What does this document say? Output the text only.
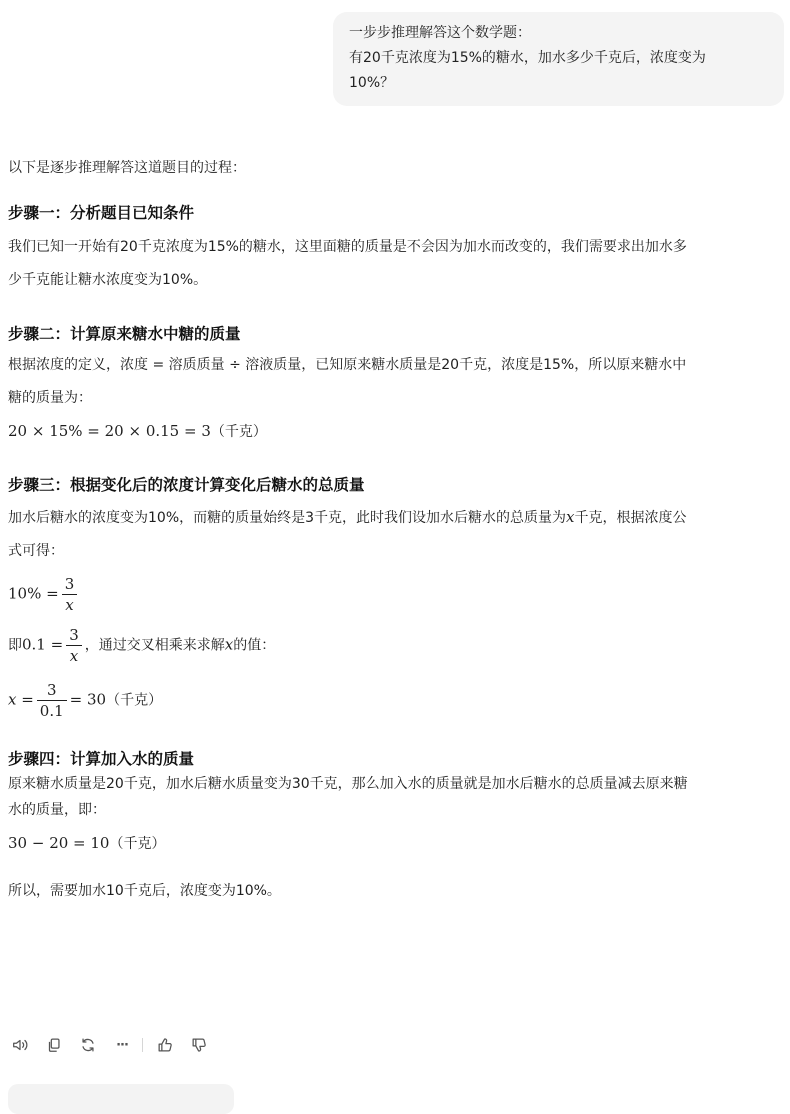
一步步推理解答这个数学题：
有20千克浓度为15%的糖水，加水多少千克后，浓度变为
10%？

以下是逐步推理解答这道题目的过程：

步骤一：分析题目已知条件

我们已知一开始有20千克浓度为15%的糖水，这里面糖的质量是不会因为加水而改变的，我们需要求出加水多

少千克能让糖水浓度变为10%。

步骤二：计算原来糖水中糖的质量

根据浓度的定义，浓度 = 溶质质量 ÷ 溶液质量，已知原来糖水质量是20千克，浓度是15%，所以原来糖水中

糖的质量为：

20 × 15% = 20 × 0.15 = 3（千克）

步骤三：根据变化后的浓度计算变化后糖水的总质量

加水后糖水的浓度变为10%，而糖的质量始终是3千克，此时我们设加水后糖水的总质量为x千克，根据浓度公

式可得：

$10\% = \frac{3}{x}$
即$0.1 = \frac{3}{x}$ ，通过交叉相乘来求解x的值：
$x = \frac{3}{0.1} = 30$（千克）
步骤四：计算加入水的质量

原来糖水质量是20千克，加水后糖水质量变为30千克，那么加入水的质量就是加水后糖水的总质量减去原来糖

水的质量，即：

30 − 20 = 10（千克）

所以，需要加水10千克后，浓度变为10%。

···
